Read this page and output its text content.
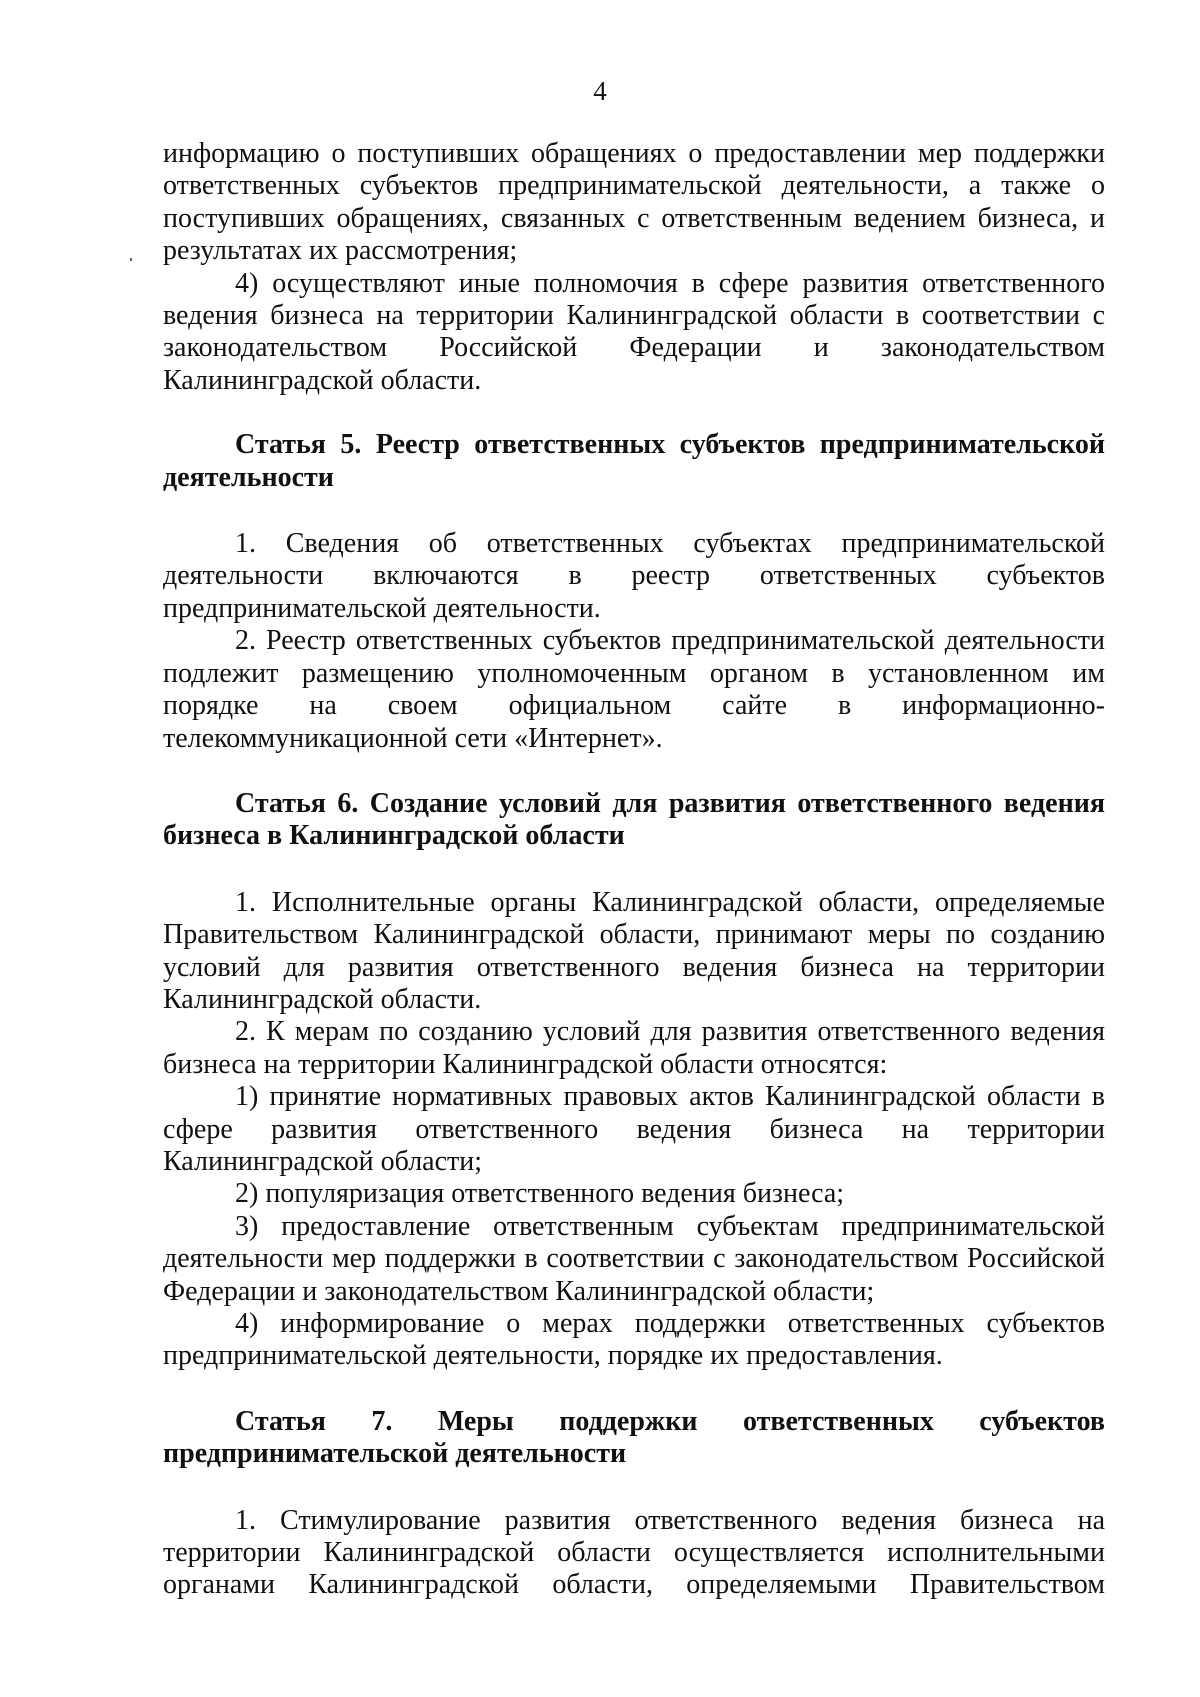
4

информацию о поступивших обращениях о предоставлении мер поддержки ответственных субъектов предпринимательской деятельности, а также о поступивших обращениях, связанных с ответственным ведением бизнеса, и результатах их рассмотрения;

4) осуществляют иные полномочия в сфере развития ответственного ведения бизнеса на территории Калининградской области в соответствии с законодательством Российской Федерации и законодательством Калининградской области.

Статья 5. Реестр ответственных субъектов предпринимательской деятельности

1. Сведения об ответственных субъектах предпринимательской деятельности включаются в реестр ответственных субъектов предпринимательской деятельности.

2. Реестр ответственных субъектов предпринимательской деятельности подлежит размещению уполномоченным органом в установленном им порядке на своем официальном сайте в информационно-телекоммуникационной сети «Интернет».

Статья 6. Создание условий для развития ответственного ведения бизнеса в Калининградской области

1. Исполнительные органы Калининградской области, определяемые Правительством Калининградской области, принимают меры по созданию условий для развития ответственного ведения бизнеса на территории Калининградской области.

2. К мерам по созданию условий для развития ответственного ведения бизнеса на территории Калининградской области относятся:

1) принятие нормативных правовых актов Калининградской области в сфере развития ответственного ведения бизнеса на территории Калининградской области;

2) популяризация ответственного ведения бизнеса;

3) предоставление ответственным субъектам предпринимательской деятельности мер поддержки в соответствии с законодательством Российской Федерации и законодательством Калининградской области;

4) информирование о мерах поддержки ответственных субъектов предпринимательской деятельности, порядке их предоставления.

Статья 7. Меры поддержки ответственных субъектов предпринимательской деятельности

1. Стимулирование развития ответственного ведения бизнеса на территории Калининградской области осуществляется исполнительными органами Калининградской области, определяемыми Правительством
